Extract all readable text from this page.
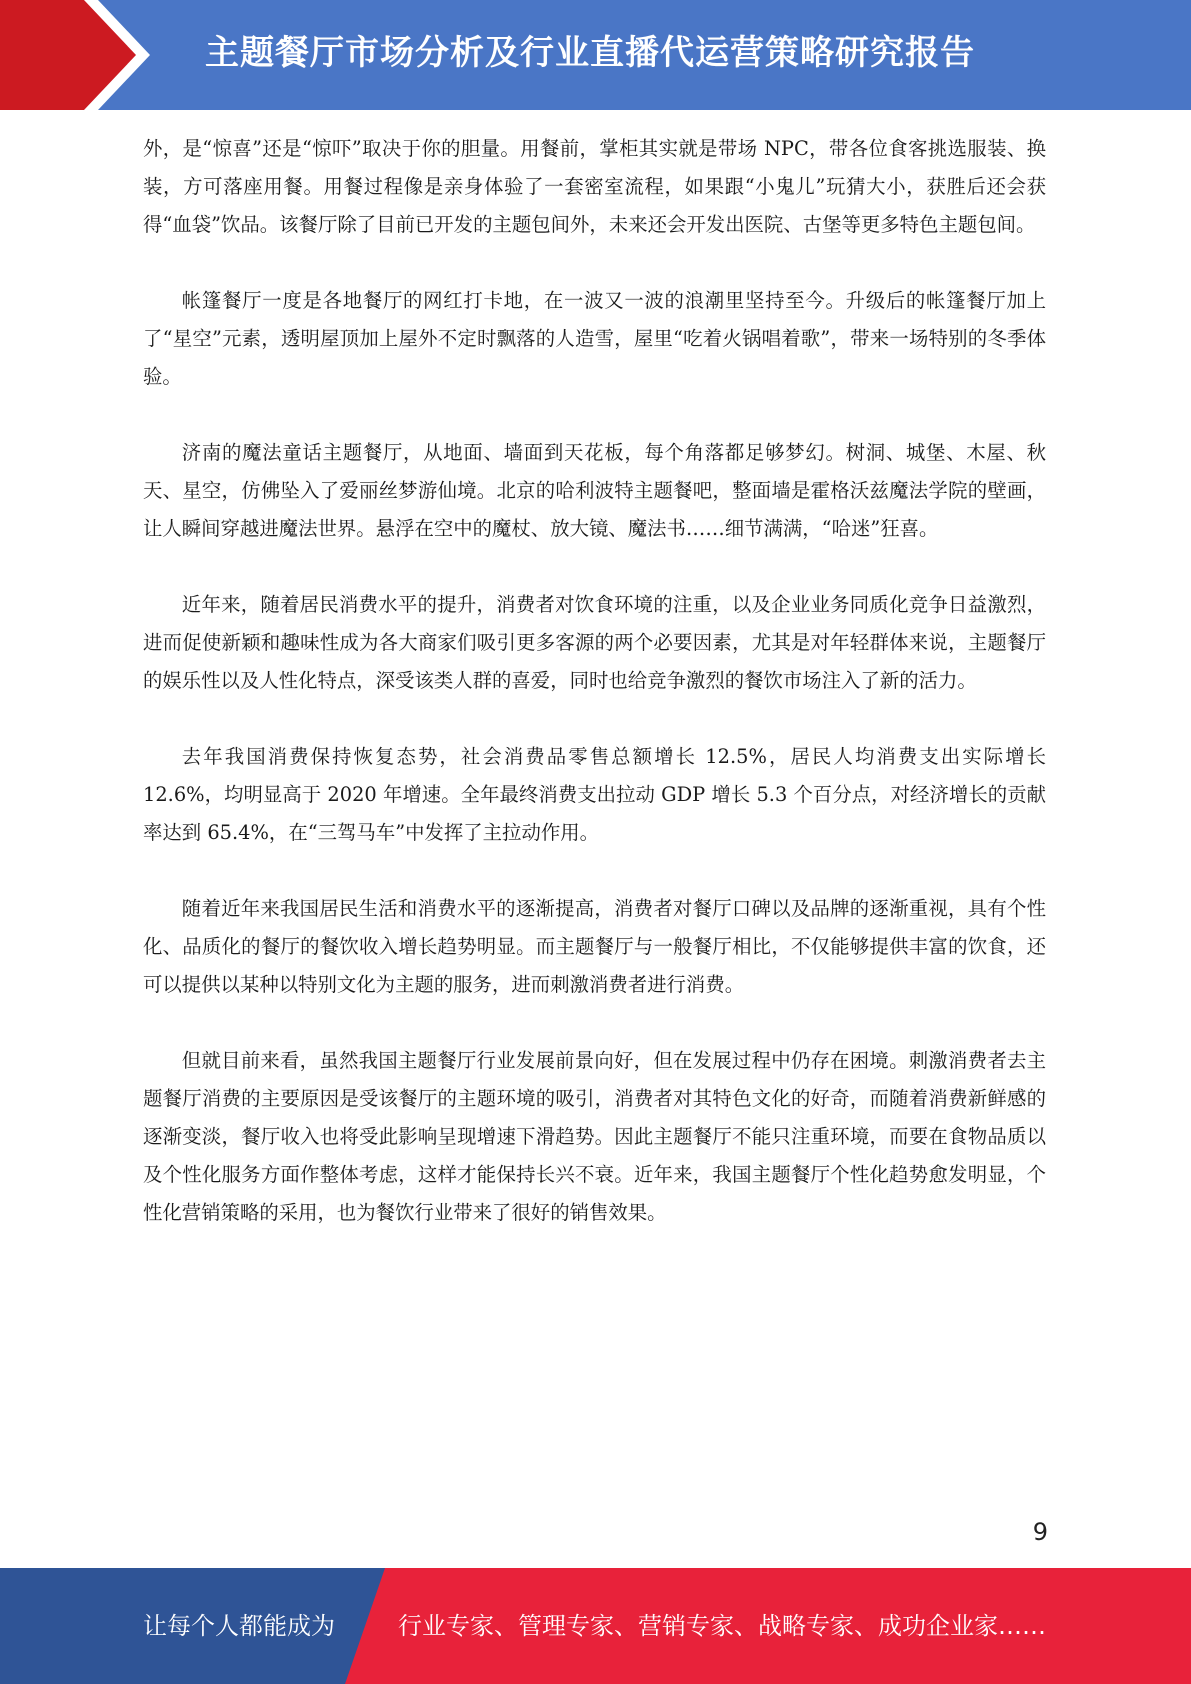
主题餐厅市场分析及行业直播代运营策略研究报告

外，是“惊喜”还是“惊吓”取决于你的胆量。用餐前，掌柜其实就是带场 NPC，带各位食客挑选服装、换装，方可落座用餐。用餐过程像是亲身体验了一套密室流程，如果跟“小鬼儿”玩猜大小，获胜后还会获得“血袋”饮品。该餐厅除了目前已开发的主题包间外，未来还会开发出医院、古堡等更多特色主题包间。

帐篷餐厅一度是各地餐厅的网红打卡地，在一波又一波的浪潮里坚持至今。升级后的帐篷餐厅加上了“星空”元素，透明屋顶加上屋外不定时飘落的人造雪，屋里“吃着火锅唱着歌”，带来一场特别的冬季体验。

济南的魔法童话主题餐厅，从地面、墙面到天花板，每个角落都足够梦幻。树洞、城堡、木屋、秋天、星空，仿佛坠入了爱丽丝梦游仙境。北京的哈利波特主题餐吧，整面墙是霍格沃兹魔法学院的壁画，让人瞬间穿越进魔法世界。悬浮在空中的魔杖、放大镜、魔法书……细节满满，“哈迷”狂喜。

近年来，随着居民消费水平的提升，消费者对饮食环境的注重，以及企业业务同质化竞争日益激烈，进而促使新颖和趣味性成为各大商家们吸引更多客源的两个必要因素，尤其是对年轻群体来说，主题餐厅的娱乐性以及人性化特点，深受该类人群的喜爱，同时也给竞争激烈的餐饮市场注入了新的活力。

去年我国消费保持恢复态势，社会消费品零售总额增长 12.5%，居民人均消费支出实际增长 12.6%，均明显高于 2020 年增速。全年最终消费支出拉动 GDP 增长 5.3 个百分点，对经济增长的贡献率达到 65.4%，在“三驾马车”中发挥了主拉动作用。

随着近年来我国居民生活和消费水平的逐渐提高，消费者对餐厅口碑以及品牌的逐渐重视，具有个性化、品质化的餐厅的餐饮收入增长趋势明显。而主题餐厅与一般餐厅相比，不仅能够提供丰富的饮食，还可以提供以某种以特别文化为主题的服务，进而刺激消费者进行消费。

但就目前来看，虽然我国主题餐厅行业发展前景向好，但在发展过程中仍存在困境。刺激消费者去主题餐厅消费的主要原因是受该餐厅的主题环境的吸引，消费者对其特色文化的好奇，而随着消费新鲜感的逐渐变淡，餐厅收入也将受此影响呈现增速下滑趋势。因此主题餐厅不能只注重环境，而要在食物品质以及个性化服务方面作整体考虑，这样才能保持长兴不衰。近年来，我国主题餐厅个性化趋势愈发明显，个性化营销策略的采用，也为餐饮行业带来了很好的销售效果。

9
让每个人都能成为	行业专家、管理专家、营销专家、战略专家、成功企业家……
